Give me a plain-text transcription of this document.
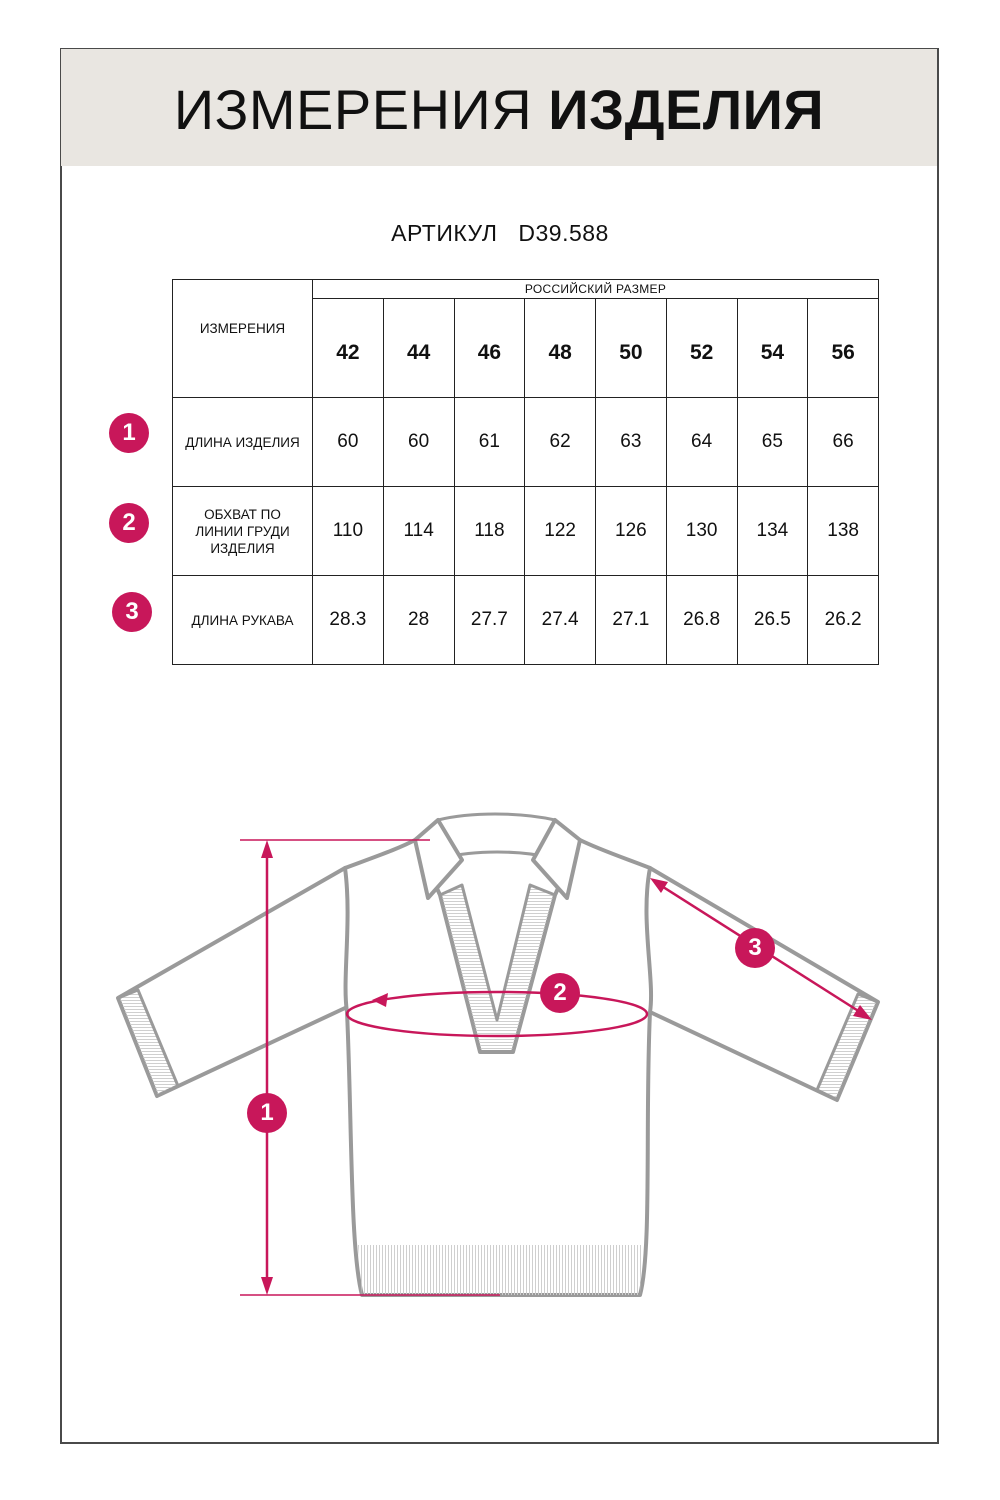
ИЗМЕРЕНИЯ ИЗДЕЛИЯ
АРТИКУЛ D39.588
ИЗМЕРЕНИЯ	РОССИЙСКИЙ РАЗМЕР							
	42	44	46	48	50	52	54	56
ДЛИНА ИЗДЕЛИЯ	60	60	61	62	63	64	65	66

ОБХВАТ ПО
ЛИНИИ ГРУДИ
ИЗДЕЛИЯ	110	114	118	122	126	130	134	138
ДЛИНА РУКАВА	28.3	28	27.7	27.4	27.1	26.8	26.5	26.2
1
2
3
1
2
3
